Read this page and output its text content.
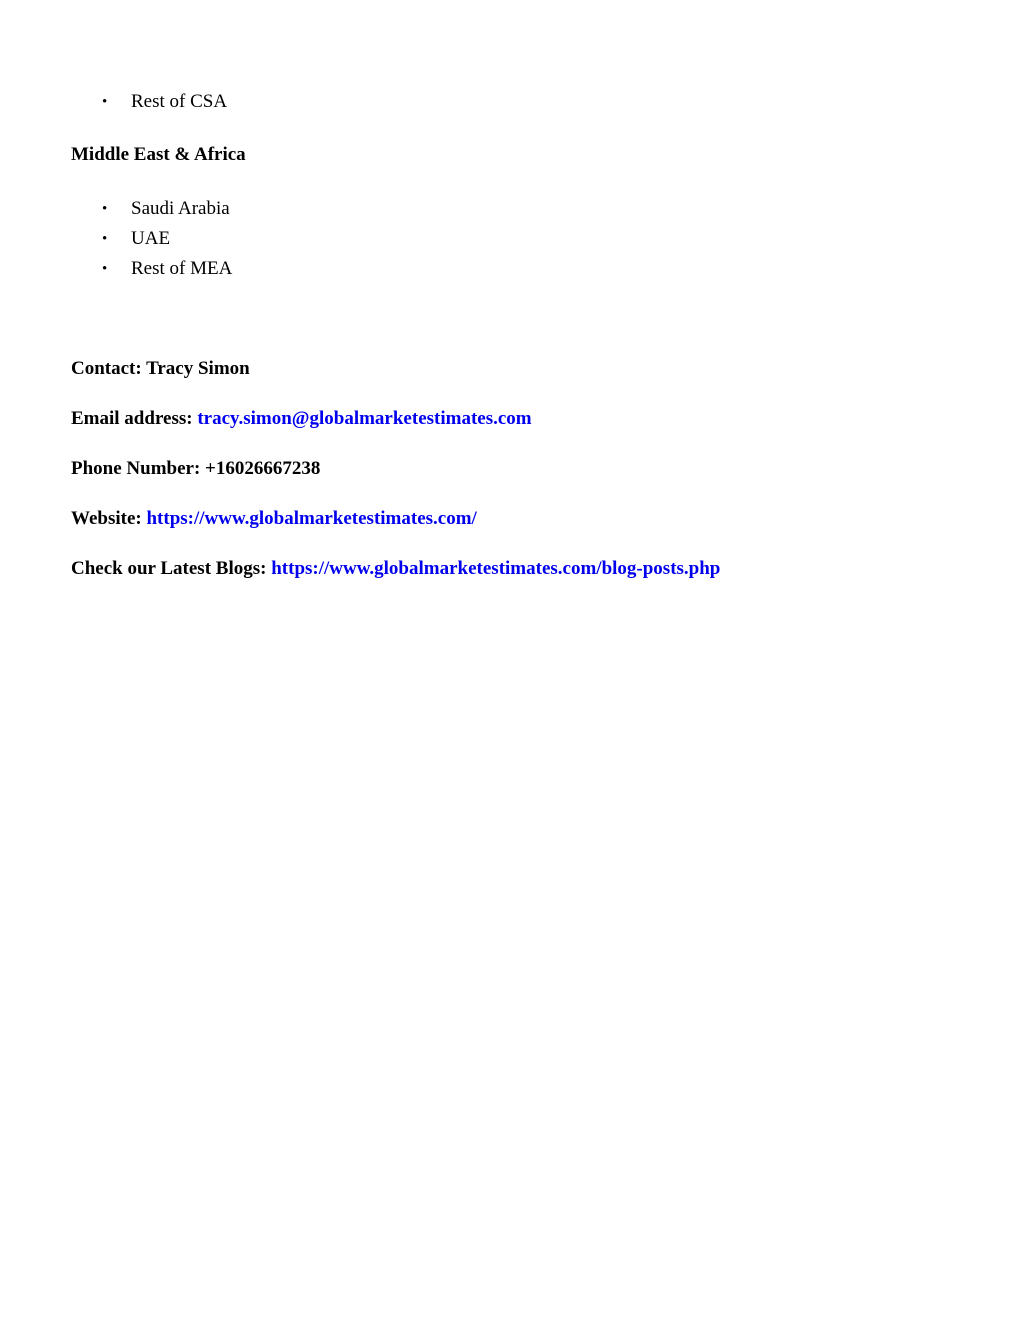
• Rest of CSA
Middle East & Africa
• Saudi Arabia
• UAE
• Rest of MEA

Contact: Tracy Simon

Email address: tracy.simon@globalmarketestimates.com

Phone Number: +16026667238

Website: https://www.globalmarketestimates.com/

Check our Latest Blogs: https://www.globalmarketestimates.com/blog-posts.php
